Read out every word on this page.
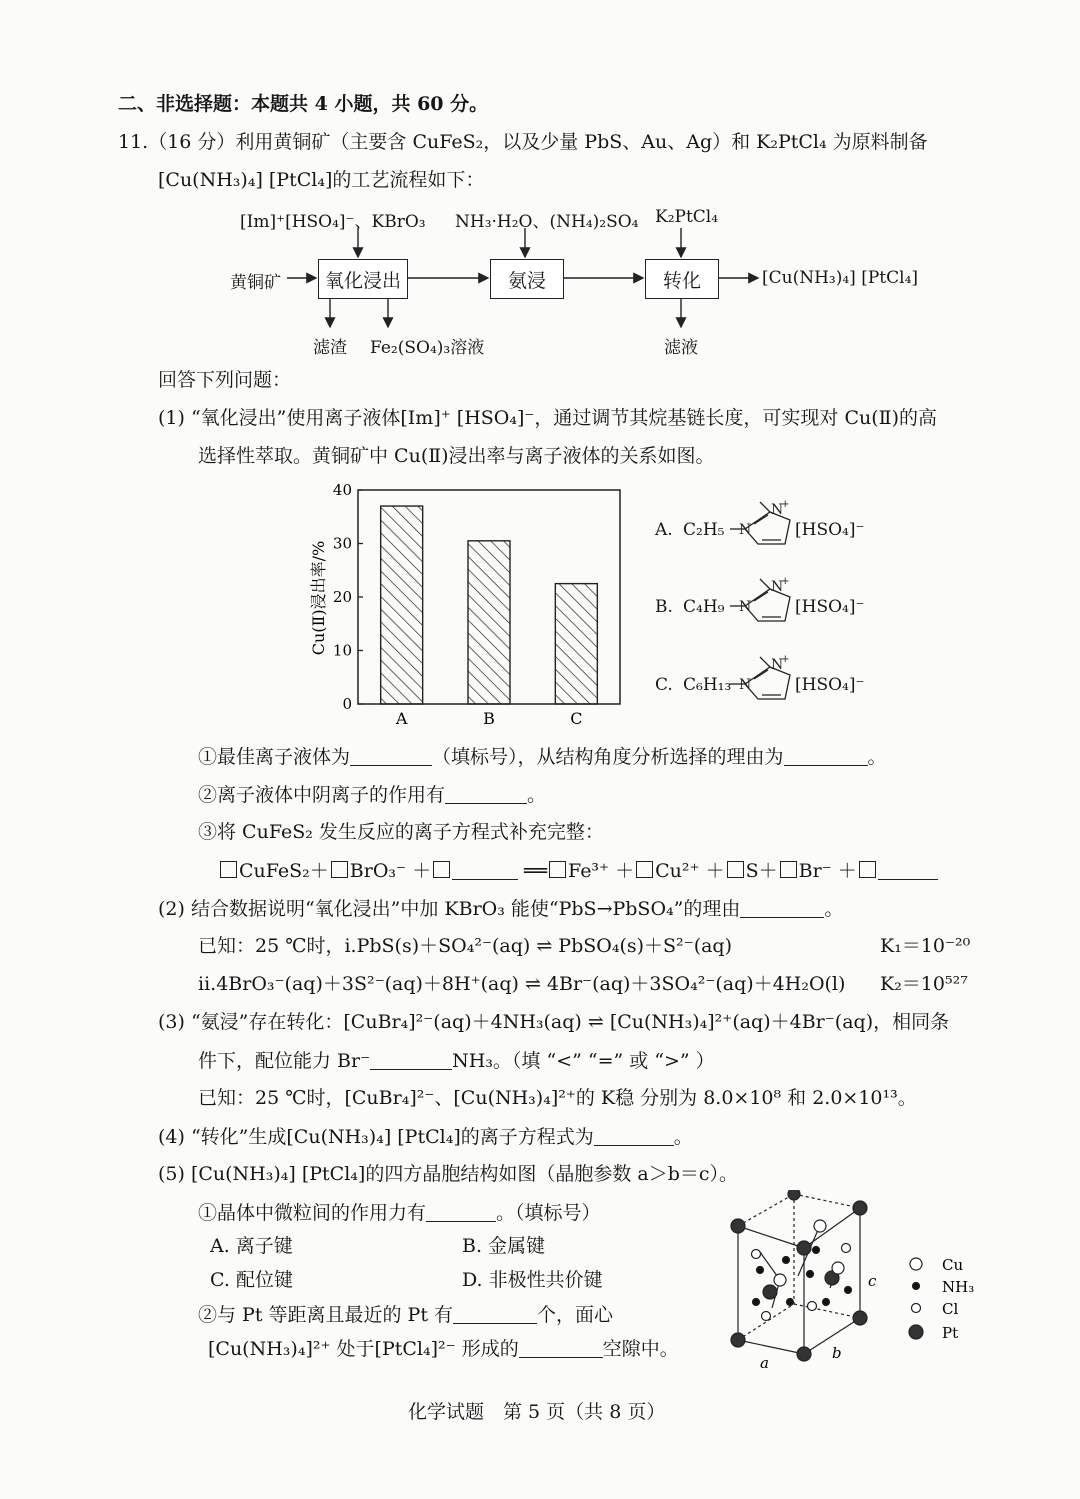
二、非选择题：本题共 4 小题，共 60 分。
11.（16 分）利用黄铜矿（主要含 CuFeS₂，以及少量 PbS、Au、Ag）和 K₂PtCl₄ 为原料制备
[Cu(NH₃)₄] [PtCl₄]的工艺流程如下：
[Im]⁺[HSO₄]⁻、KBrO₃ NH₃·H₂O、(NH₄)₂SO₄ K₂PtCl₄
黄铜矿	氧化浸出	氨浸	转化	[Cu(NH₃)₄] [PtCl₄]
滤渣 Fe₂(SO₄)₃溶液	滤液
回答下列问题：
(1) “氧化浸出”使用离子液体[Im]⁺ [HSO₄]⁻，通过调节其烷基链长度，可实现对 Cu(Ⅱ)的高
选择性萃取。黄铜矿中 Cu(Ⅱ)浸出率与离子液体的关系如图。
0
10
20
30
40
A	B	C
Cu(Ⅱ)浸出率/%
N
N
+
N
N
+
N
N
+
A. C₂H₅	[HSO₄]⁻
B. C₄H₉	[HSO₄]⁻
C. C₆H₁₃	[HSO₄]⁻
①最佳离子液体为	（填标号），从结构角度分析选择的理由为	。
②离子液体中阴离子的作用有	。
③将 CuFeS₂ 发生反应的离子方程式补充完整：
CuFeS₂＋ BrO₃⁻ ＋	══ Fe³⁺ ＋ Cu²⁺ ＋ S＋ Br⁻ ＋
(2) 结合数据说明“氧化浸出”中加 KBrO₃ 能使“PbS→PbSO₄”的理由	。
已知：25 ℃时，i.PbS(s)＋SO₄²⁻(aq) ⇌ PbSO₄(s)＋S²⁻(aq)	K₁＝10⁻²⁰
ii.4BrO₃⁻(aq)＋3S²⁻(aq)＋8H⁺(aq) ⇌ 4Br⁻(aq)＋3SO₄²⁻(aq)＋4H₂O(l) K₂＝10⁵²⁷
(3) “氨浸”存在转化：[CuBr₄]²⁻(aq)＋4NH₃(aq) ⇌ [Cu(NH₃)₄]²⁺(aq)＋4Br⁻(aq)，相同条
件下，配位能力 Br⁻	NH₃。（填 “<” “=” 或 “>” ）
已知：25 ℃时，[CuBr₄]²⁻、[Cu(NH₃)₄]²⁺的 K稳 分别为 8.0×10⁸ 和 2.0×10¹³。
(4) “转化”生成[Cu(NH₃)₄] [PtCl₄]的离子方程式为	。
(5) [Cu(NH₃)₄] [PtCl₄]的四方晶胞结构如图（晶胞参数 a＞b＝c）。
①晶体中微粒间的作用力有	。（填标号）
A. 离子键	B. 金属键
C. 配位键	D. 非极性共价键
②与 Pt 等距离且最近的 Pt 有	个，面心
[Cu(NH₃)₄]²⁺ 处于[PtCl₄]²⁻ 形成的	空隙中。
c
a
b
Cu
NH₃
Cl
Pt
化学试题　第 5 页（共 8 页）
